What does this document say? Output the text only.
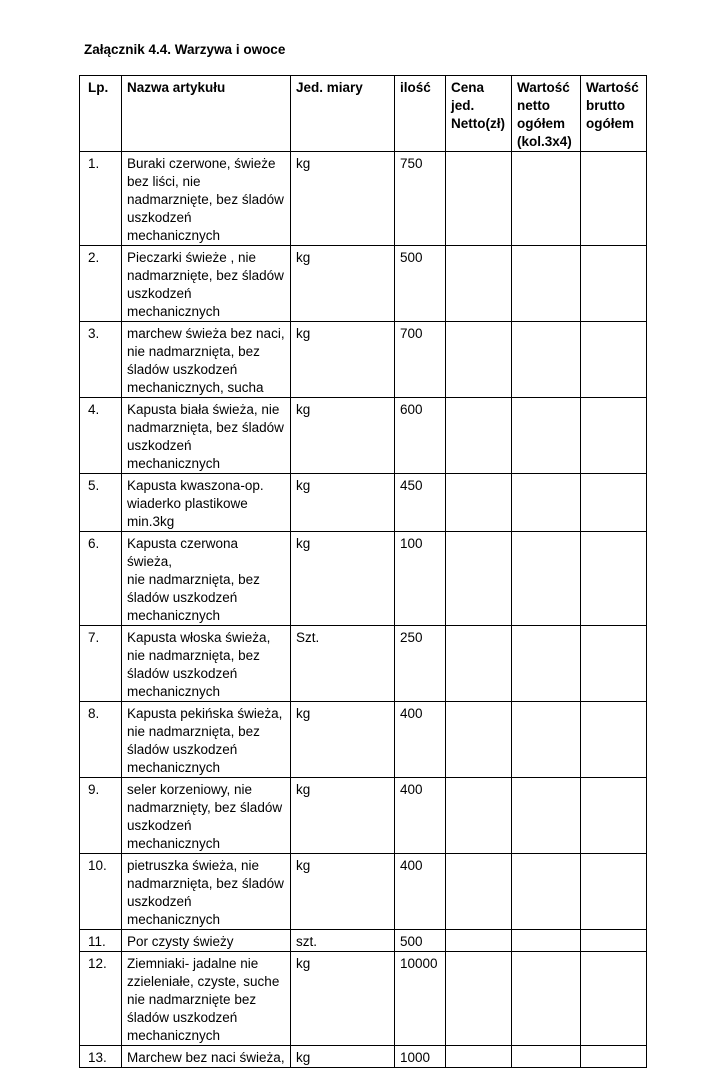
Załącznik 4.4. Warzywa i owoce
Lp.	Nazwa artykułu	Jed. miary	ilość	Cena
jed.
Netto(zł)	Wartość
netto
ogółem
(kol.3x4)	Wartość
brutto
ogółem

1.	Buraki czerwone, świeże
bez liści, nie
nadmarznięte, bez śladów
uszkodzeń
mechanicznych	kg	750			

2.	Pieczarki świeże , nie
nadmarznięte, bez śladów
uszkodzeń
mechanicznych	kg	500			

3.	marchew świeża bez naci,
nie nadmarznięta, bez
śladów uszkodzeń
mechanicznych, sucha	kg	700			

4.	Kapusta biała świeża, nie
nadmarznięta, bez śladów
uszkodzeń
mechanicznych	kg	600			

5.	Kapusta kwaszona-op.
wiaderko plastikowe
min.3kg	kg	450			

6.	Kapusta czerwona świeża,
nie nadmarznięta, bez
śladów uszkodzeń
mechanicznych	kg	100			

7.	Kapusta włoska świeża,
nie nadmarznięta, bez
śladów uszkodzeń
mechanicznych	Szt.	250			

8.	Kapusta pekińska świeża,
nie nadmarznięta, bez
śladów uszkodzeń
mechanicznych	kg	400			

9.	seler korzeniowy, nie
nadmarznięty, bez śladów
uszkodzeń
mechanicznych	kg	400			

10.	pietruszka świeża, nie
nadmarznięta, bez śladów
uszkodzeń
mechanicznych	kg	400			

11.	Por czysty świeży	szt.	500			

12.	Ziemniaki- jadalne nie
zzieleniałe, czyste, suche
nie nadmarznięte bez
śladów uszkodzeń
mechanicznych	kg	10000			

13.	Marchew bez naci świeża,	kg	1000			
